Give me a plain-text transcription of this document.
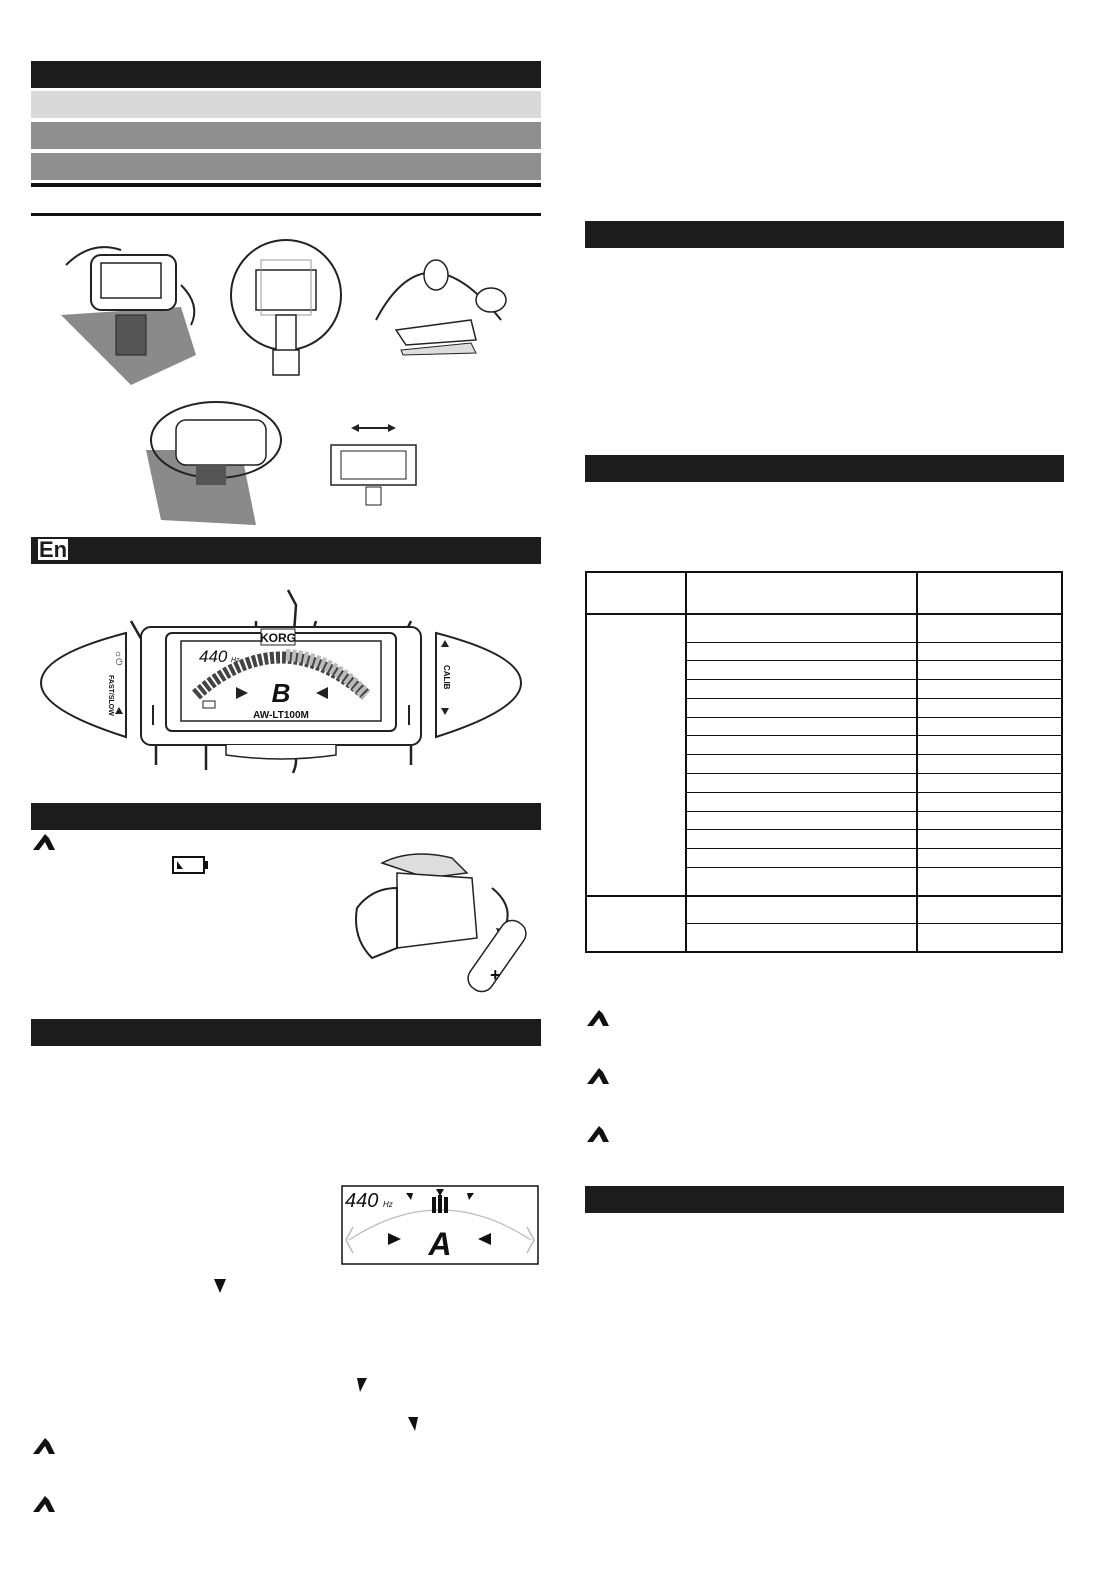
En
KORG
440 Hz
B
AW-LT100M
☼⏻
FAST/SLOW	CALIB
+
440 Hz
A
